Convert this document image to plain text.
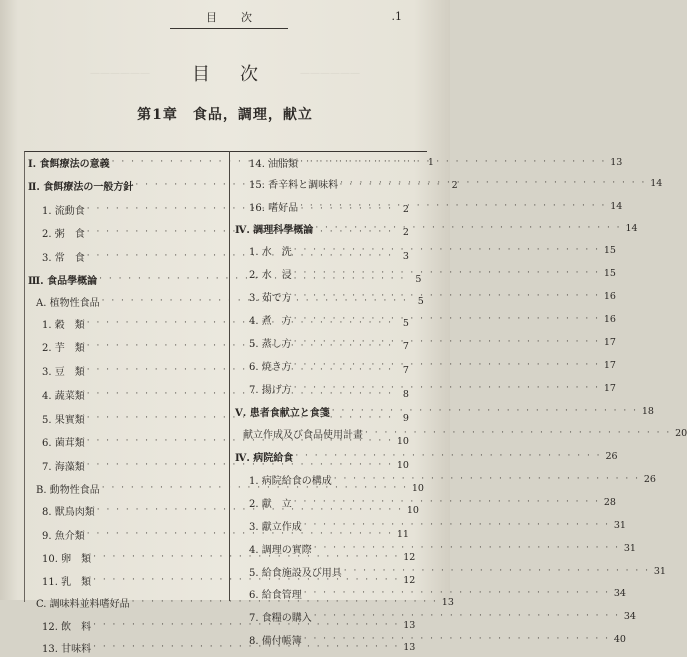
——————	——————
目次	.1
目次
第1章　食品，調理，献立
Ⅰ. 食餌療法の意義 · · ·	1
Ⅱ. 食餌療法の一般方針 · · ·	2
1. 流動食 · · ·	2
2. 粥　食 · · ·	2
3. 常　食 · · ·	3
Ⅲ. 食品學概論 · · ·	5
A. 植物性食品 · · ·	5
1. 穀　類 · · ·	5
2. 芋　類 · · ·	7
3. 豆　類 · · ·	7
4. 蔬菜類 · · ·	8
5. 果實類 · · ·	9
6. 菌茸類 · · ·	10
7. 海藻類 · · ·	10
B. 動物性食品 · · ·	10
8. 獸鳥肉類 · · ·	10
9. 魚介類 · · ·	11
10. 卵　類 · · ·	12
11. 乳　類 · · ·	12
C. 調味料並料嗜好品 · · ·	13
12. 飲　料 · · ·	13
13. 甘味料 · · ·	13
14. 油脂類 · · ·	13
15. 香辛料と調味料 · · ·	14
16. 嗜好品 · · ·	14
Ⅳ. 調理科學概論 · · ·	14
1. 水　洗 · · ·	15
2. 水　浸 · · ·	15
3. 茹で方 · · ·	16
4. 煮　方 · · ·	16
5. 蒸し方 · · ·	17
6. 焼き方 · · ·	17
7. 揚げ方 · · ·	17
Ⅴ. 患者食献立と食箋 · · ·	18
献立作成及び食品使用計畫 · · ·	20
Ⅳ. 病院給食 · · ·	26
1. 病院給食の構成 · · ·	26
2. 獻　立 · · ·	28
3. 獻立作成 · · ·	31
4. 調理の實際 · · ·	31
5. 給食施設及び用具 · · ·	31
6. 給食管理 · · ·	34
7. 食糧の購入 · · ·	34
8. 備付帳簿 · · ·	40
